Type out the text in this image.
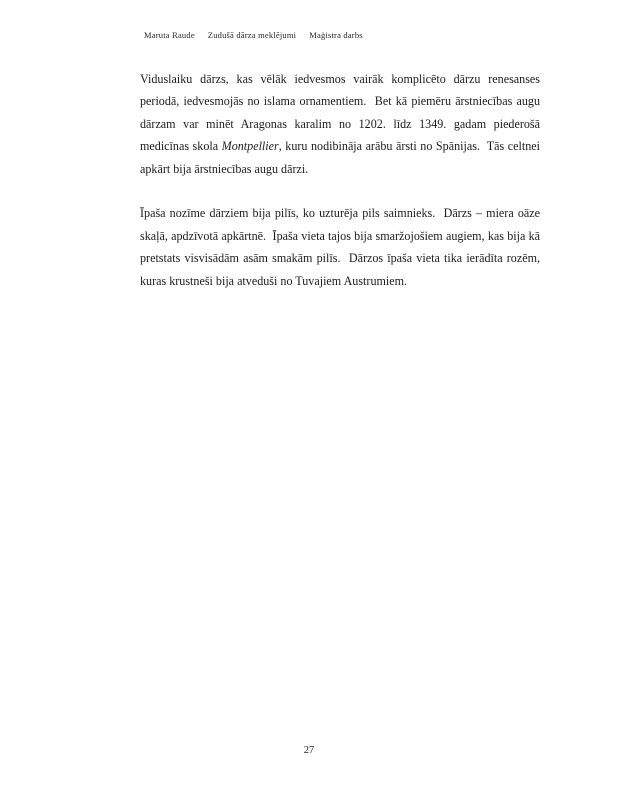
Maruta Raude Zudušā dārza meklējumi Maģistra darbs

Viduslaiku dārzs, kas vēlāk iedvesmos vairāk komplicēto dārzu renesanses periodā, iedvesmojās no islama ornamentiem.  Bet kā piemēru ārstniecības augu dārzam var minēt Aragonas karalim no 1202. līdz 1349. gadam piederošā medicīnas skola Montpellier, kuru nodibināja arābu ārsti no Spānijas.  Tās celtnei apkārt bija ārstniecības augu dārzi.

Īpaša nozīme dārziem bija pilīs, ko uzturēja pils saimnieks.  Dārzs – miera oāze skaļā, apdzīvotā apkārtnē.  Īpaša vieta tajos bija smaržojošiem augiem, kas bija kā pretstats visvisādām asām smakām pilīs.  Dārzos īpaša vieta tika ierādīta rozēm, kuras krustneši bija atveduši no Tuvajiem Austrumiem.

27
